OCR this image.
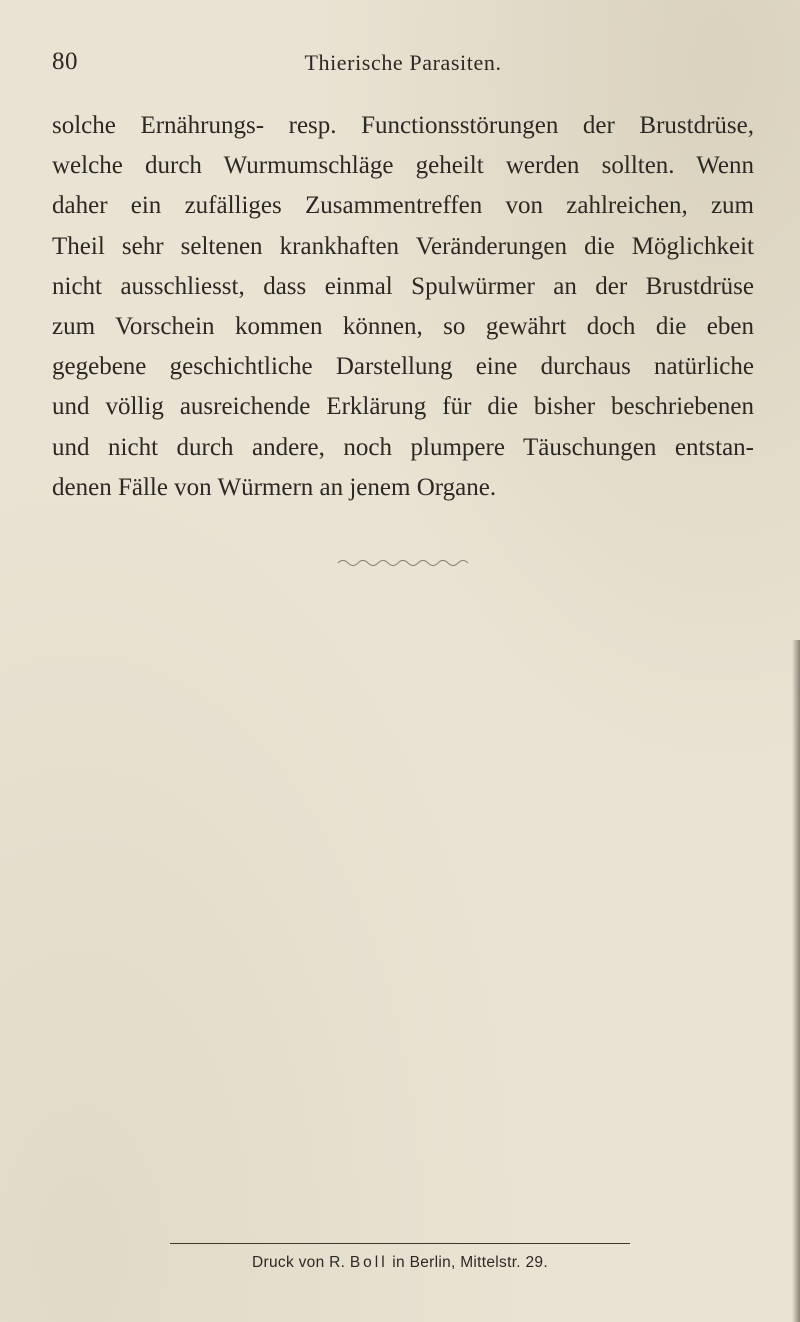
80	Thierische Parasiten.
solche Ernährungs- resp. Functionsstörungen der Brustdrüse,
welche durch Wurmumschläge geheilt werden sollten. Wenn
daher ein zufälliges Zusammentreffen von zahlreichen, zum
Theil sehr seltenen krankhaften Veränderungen die Möglichkeit
nicht ausschliesst, dass einmal Spulwürmer an der Brustdrüse
zum Vorschein kommen können, so gewährt doch die eben
gegebene geschichtliche Darstellung eine durchaus natürliche
und völlig ausreichende Erklärung für die bisher beschriebenen
und nicht durch andere, noch plumpere Täuschungen entstan-
denen Fälle von Würmern an jenem Organe.
Druck von R. Boll in Berlin, Mittelstr. 29.
